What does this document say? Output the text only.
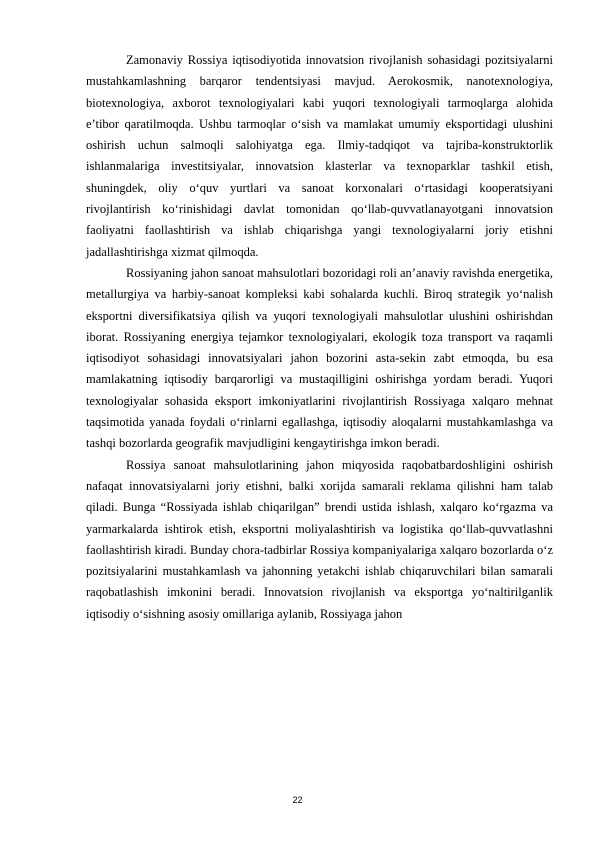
Zamonaviy Rossiya iqtisodiyotida innovatsion rivojlanish sohasidagi pozitsiyalarni mustahkamlashning barqaror tendentsiyasi mavjud. Aerokosmik, nanotexnologiya, biotexnologiya, axborot texnologiyalari kabi yuqori texnologiyali tarmoqlarga alohida e’tibor qaratilmoqda. Ushbu tarmoqlar o‘sish va mamlakat umumiy eksportidagi ulushini oshirish uchun salmoqli salohiyatga ega. Ilmiy-tadqiqot va tajriba-konstruktorlik ishlanmalariga investitsiyalar, innovatsion klasterlar va texnoparklar tashkil etish, shuningdek, oliy o‘quv yurtlari va sanoat korxonalari o‘rtasidagi kooperatsiyani rivojlantirish ko‘rinishidagi davlat tomonidan qo‘llab-quvvatlanayotgani innovatsion faoliyatni faollashtirish va ishlab chiqarishga yangi texnologiyalarni joriy etishni jadallashtirishga xizmat qilmoqda.

Rossiyaning jahon sanoat mahsulotlari bozoridagi roli an’anaviy ravishda energetika, metallurgiya va harbiy-sanoat kompleksi kabi sohalarda kuchli. Biroq strategik yo‘nalish eksportni diversifikatsiya qilish va yuqori texnologiyali mahsulotlar ulushini oshirishdan iborat. Rossiyaning energiya tejamkor texnologiyalari, ekologik toza transport va raqamli iqtisodiyot sohasidagi innovatsiyalari jahon bozorini asta-sekin zabt etmoqda, bu esa mamlakatning iqtisodiy barqarorligi va mustaqilligini oshirishga yordam beradi. Yuqori texnologiyalar sohasida eksport imkoniyatlarini rivojlantirish Rossiyaga xalqaro mehnat taqsimotida yanada foydali o‘rinlarni egallashga, iqtisodiy aloqalarni mustahkamlashga va tashqi bozorlarda geografik mavjudligini kengaytirishga imkon beradi.

Rossiya sanoat mahsulotlarining jahon miqyosida raqobatbardoshligini oshirish nafaqat innovatsiyalarni joriy etishni, balki xorijda samarali reklama qilishni ham talab qiladi. Bunga “Rossiyada ishlab chiqarilgan” brendi ustida ishlash, xalqaro ko‘rgazma va yarmarkalarda ishtirok etish, eksportni moliyalashtirish va logistika qo‘llab-quvvatlashni faollashtirish kiradi. Bunday chora-tadbirlar Rossiya kompaniyalariga xalqaro bozorlarda o‘z pozitsiyalarini mustahkamlash va jahonning yetakchi ishlab chiqaruvchilari bilan samarali raqobatlashish imkonini beradi. Innovatsion rivojlanish va eksportga yo‘naltirilganlik iqtisodiy o‘sishning asosiy omillariga aylanib, Rossiyaga jahon

22
